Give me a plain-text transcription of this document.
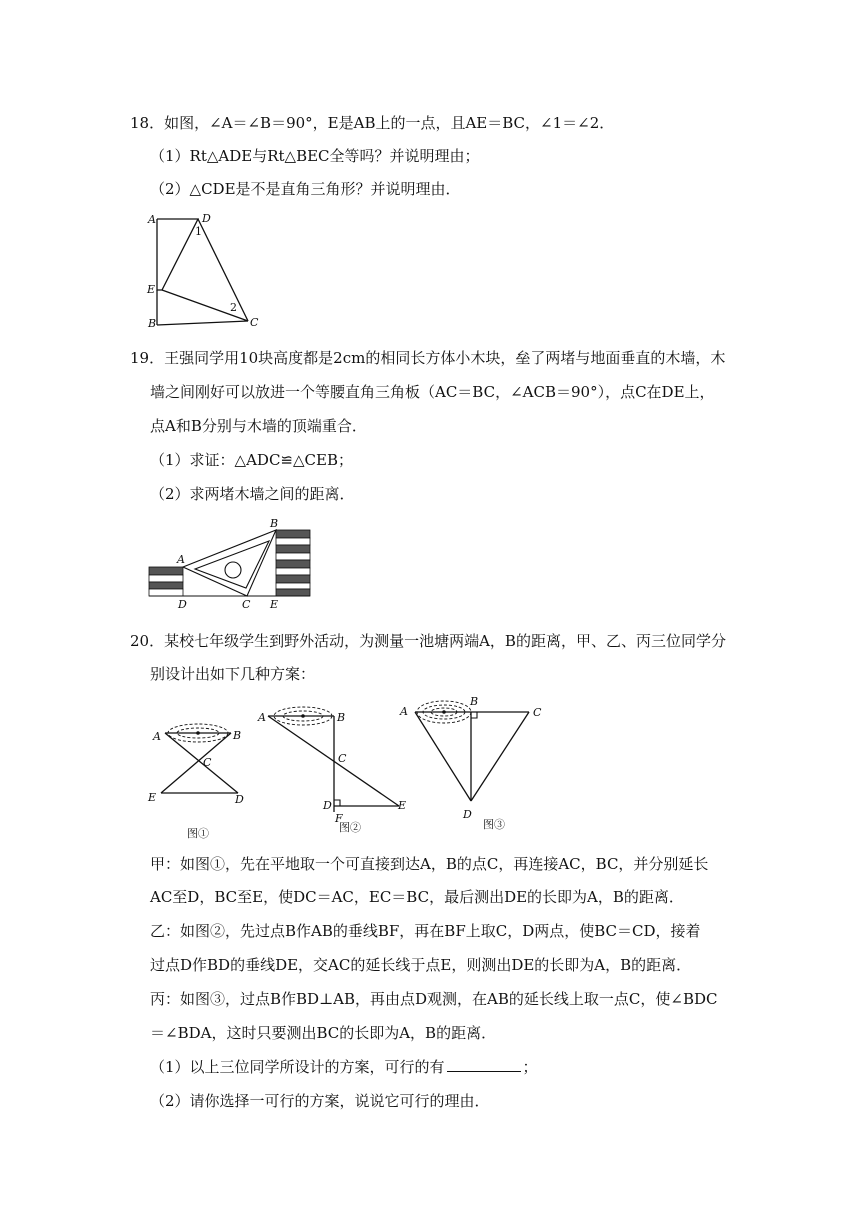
18．如图，∠A＝∠B＝90°，E是AB上的一点，且AE＝BC，∠1＝∠2．
（1）Rt△ADE与Rt△BEC全等吗？并说明理由；
（2）△CDE是不是直角三角形？并说明理由．
A	D
1
E
B
2
C
19．王强同学用10块高度都是2cm的相同长方体小木块，垒了两堵与地面垂直的木墙，木
墙之间刚好可以放进一个等腰直角三角板（AC＝BC，∠ACB＝90°），点C在DE上，
点A和B分别与木墙的顶端重合．
（1）求证：△ADC≌△CEB；
（2）求两堵木墙之间的距离．
A
B
D	C E
20．某校七年级学生到野外活动，为测量一池塘两端A，B的距离，甲、乙、丙三位同学分
别设计出如下几种方案：
A	B
C
E	D
图①
A	B
C
D
F
E
图②
A
B
C
D
图③
甲：如图①，先在平地取一个可直接到达A，B的点C，再连接AC，BC，并分别延长
AC至D，BC至E，使DC＝AC，EC＝BC，最后测出DE的长即为A，B的距离．
乙：如图②，先过点B作AB的垂线BF，再在BF上取C，D两点，使BC＝CD，接着
过点D作BD的垂线DE，交AC的延长线于点E，则测出DE的长即为A，B的距离．
丙：如图③，过点B作BD⊥AB，再由点D观测，在AB的延长线上取一点C，使∠BDC
＝∠BDA，这时只要测出BC的长即为A，B的距离．
（1）以上三位同学所设计的方案，可行的有	；
（2）请你选择一可行的方案，说说它可行的理由．
